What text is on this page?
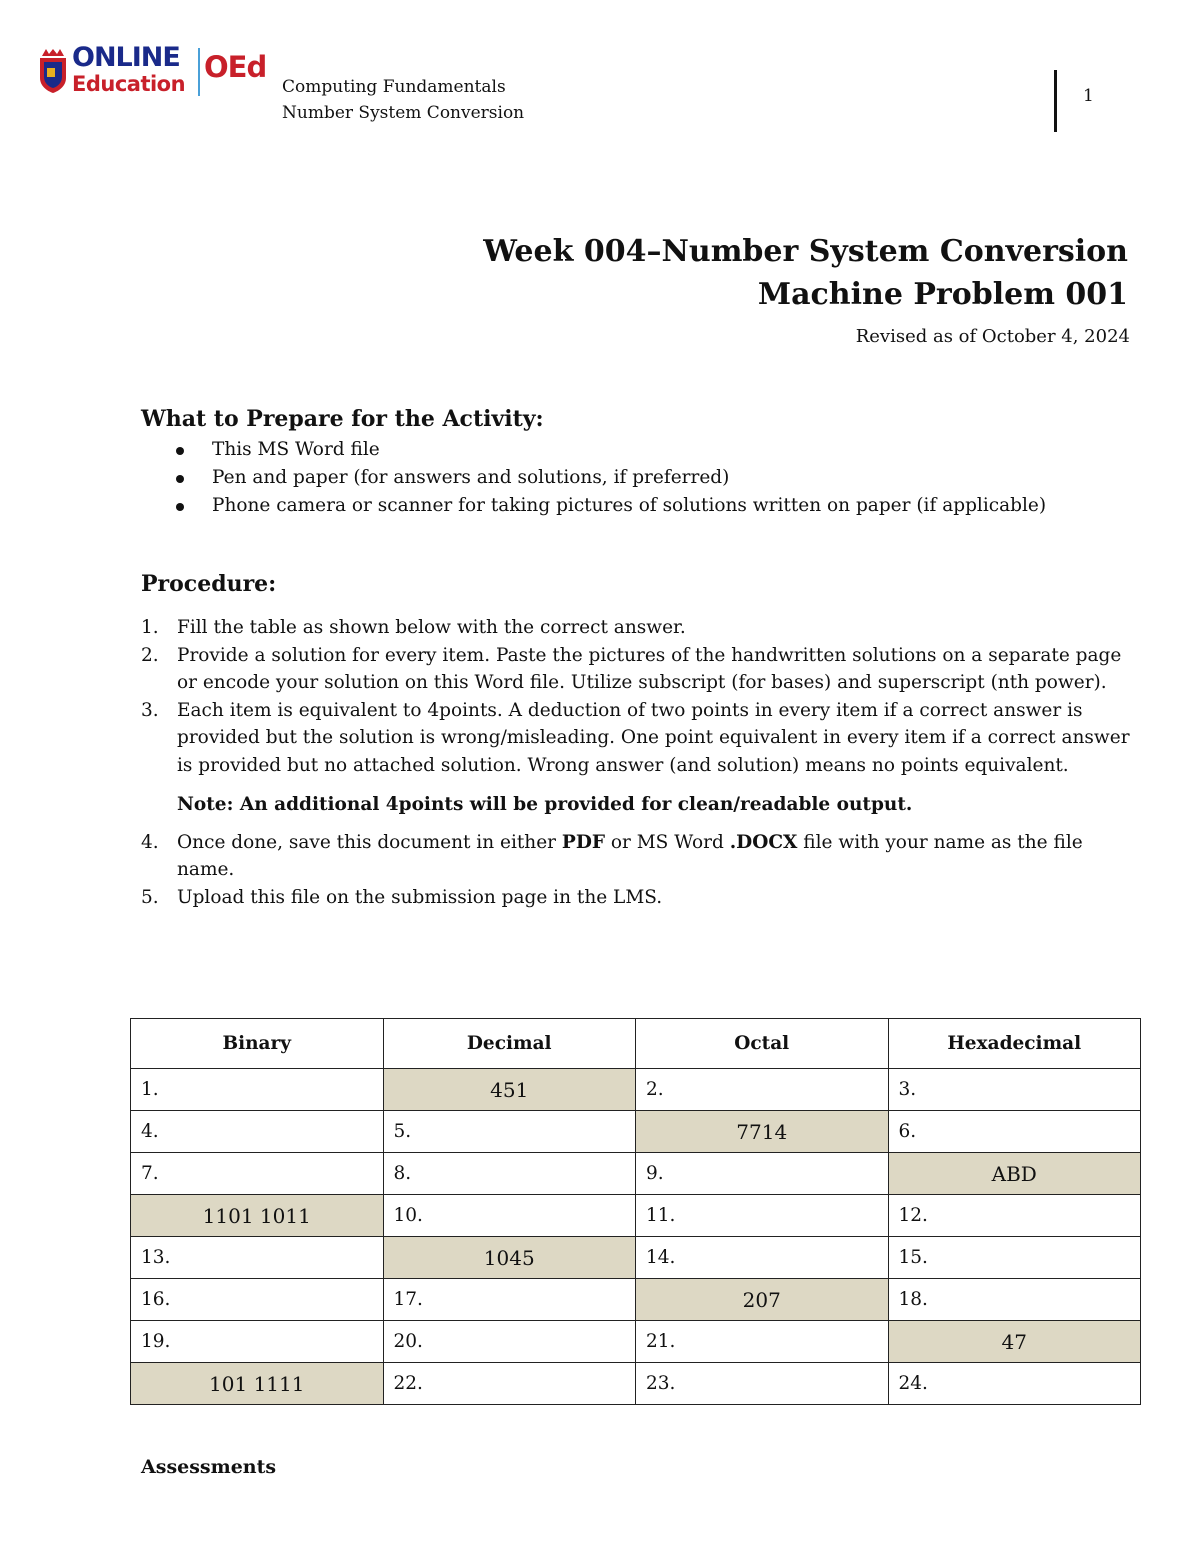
ONLINE
Education OEd
Computing Fundamentals
Number System Conversion
1
Week 004–Number System Conversion
Machine Problem 001
Revised as of October 4, 2024
What to Prepare for the Activity:
This MS Word file
Pen and paper (for answers and solutions, if preferred)
Phone camera or scanner for taking pictures of solutions written on paper (if applicable)
Procedure:
1. Fill the table as shown below with the correct answer.
2. Provide a solution for every item. Paste the pictures of the handwritten solutions on a separate page or encode your solution on this Word file. Utilize subscript (for bases) and superscript (nth power).
3. Each item is equivalent to 4points. A deduction of two points in every item if a correct answer is provided but the solution is wrong/misleading. One point equivalent in every item if a correct answer is provided but no attached solution. Wrong answer (and solution) means no points equivalent.
Note: An additional 4points will be provided for clean/readable output.
4. Once done, save this document in either PDF or MS Word .DOCX file with your name as the file name.
5. Upload this file on the submission page in the LMS.
Binary	Decimal	Octal	Hexadecimal
1.	451	2.	3.
4.	5.	7714	6.
7.	8.	9.	ABD
1101 1011	10.	11.	12.
13.	1045	14.	15.
16.	17.	207	18.
19.	20.	21.	47
101 1111	22.	23.	24.
Assessments
